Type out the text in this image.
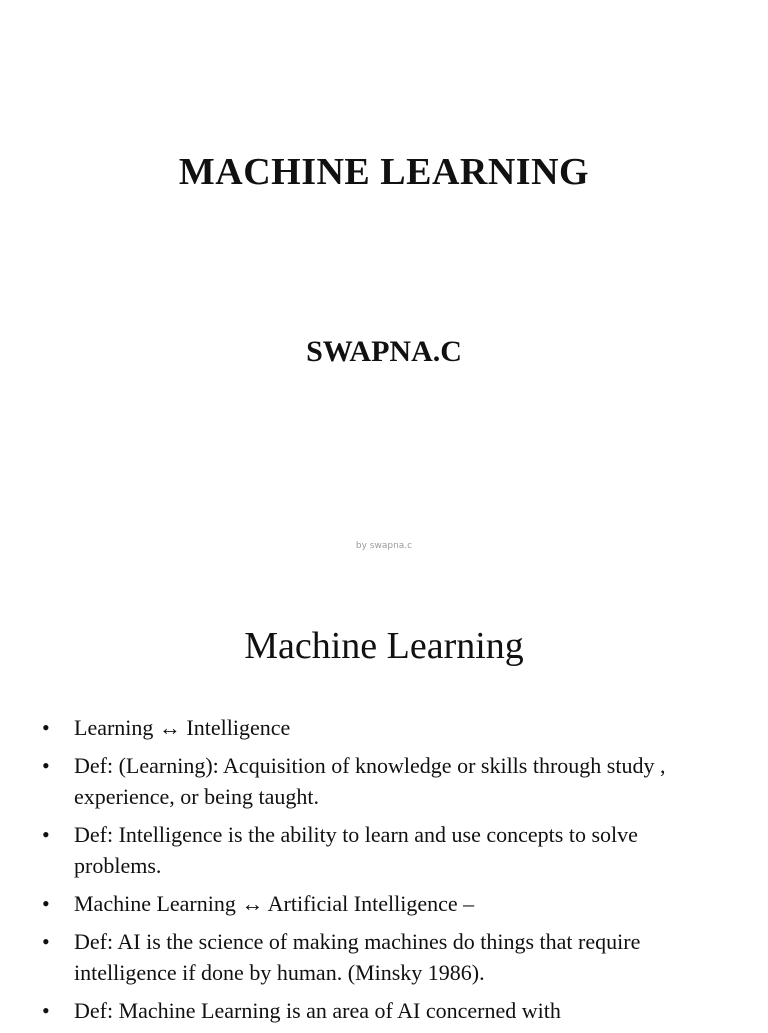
MACHINE LEARNING
SWAPNA.C
by swapna.c
Machine Learning
• Learning ↔ Intelligence
• Def: (Learning): Acquisition of knowledge or skills through study , experience, or being taught.
• Def: Intelligence is the ability to learn and use concepts to solve problems.
• Machine Learning ↔ Artificial Intelligence –
• Def: AI is the science of making machines do things that require intelligence if done by human. (Minsky 1986).
• Def: Machine Learning is an area of AI concerned with
